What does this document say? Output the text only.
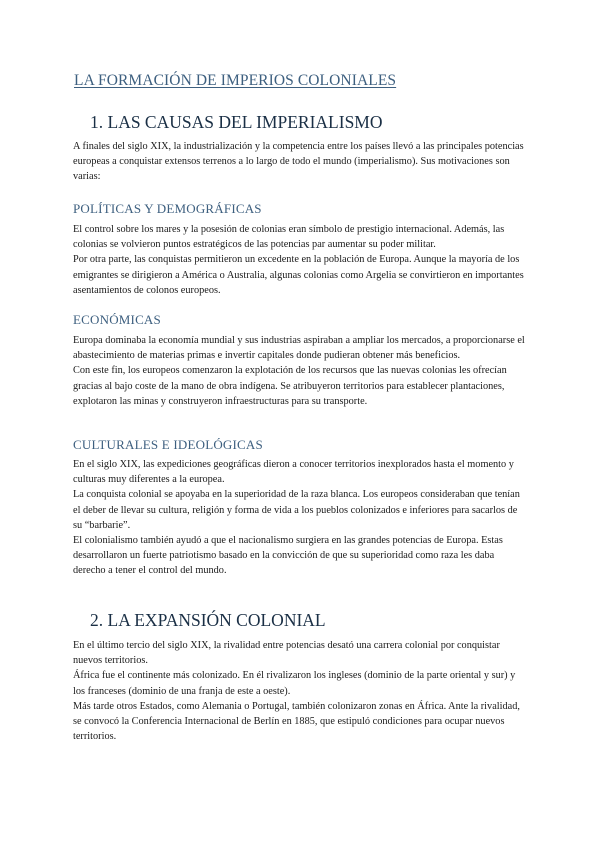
LA FORMACIÓN DE IMPERIOS COLONIALES
1. LAS CAUSAS DEL IMPERIALISMO

A finales del siglo XIX, la industrialización y la competencia entre los países llevó a las principales potencias europeas a conquistar extensos terrenos a lo largo de todo el mundo (imperialismo). Sus motivaciones son varias:

POLÍTICAS Y DEMOGRÁFICAS

El control sobre los mares y la posesión de colonias eran símbolo de prestigio internacional. Además, las colonias se volvieron puntos estratégicos de las potencias par aumentar su poder militar.

Por otra parte, las conquistas permitieron un excedente en la población de Europa. Aunque la mayoría de los emigrantes se dirigieron a América o Australia, algunas colonias como Argelia se convirtieron en importantes asentamientos de colonos europeos.

ECONÓMICAS

Europa dominaba la economía mundial y sus industrias aspiraban a ampliar los mercados, a proporcionarse el abastecimiento de materias primas e invertir capitales donde pudieran obtener más beneficios.

Con este fin, los europeos comenzaron la explotación de los recursos que las nuevas colonias les ofrecían gracias al bajo coste de la mano de obra indígena. Se atribuyeron territorios para establecer plantaciones, explotaron las minas y construyeron infraestructuras para su transporte.

CULTURALES E IDEOLÓGICAS

En el siglo XIX, las expediciones geográficas dieron a conocer territorios inexplorados hasta el momento y culturas muy diferentes a la europea.

La conquista colonial se apoyaba en la superioridad de la raza blanca. Los europeos consideraban que tenían el deber de llevar su cultura, religión y forma de vida a los pueblos colonizados e inferiores para sacarlos de su “barbarie”.

El colonialismo también ayudó a que el nacionalismo surgiera en las grandes potencias de Europa. Estas desarrollaron un fuerte patriotismo basado en la convicción de que su superioridad como raza les daba derecho a tener el control del mundo.

2. LA EXPANSIÓN COLONIAL

En el último tercio del siglo XIX, la rivalidad entre potencias desató una carrera colonial por conquistar nuevos territorios.

África fue el continente más colonizado. En él rivalizaron los ingleses (dominio de la parte oriental y sur) y los franceses (dominio de una franja de este a oeste).

Más tarde otros Estados, como Alemania o Portugal, también colonizaron zonas en África. Ante la rivalidad, se convocó la Conferencia Internacional de Berlín en 1885, que estipuló condiciones para ocupar nuevos territorios.
